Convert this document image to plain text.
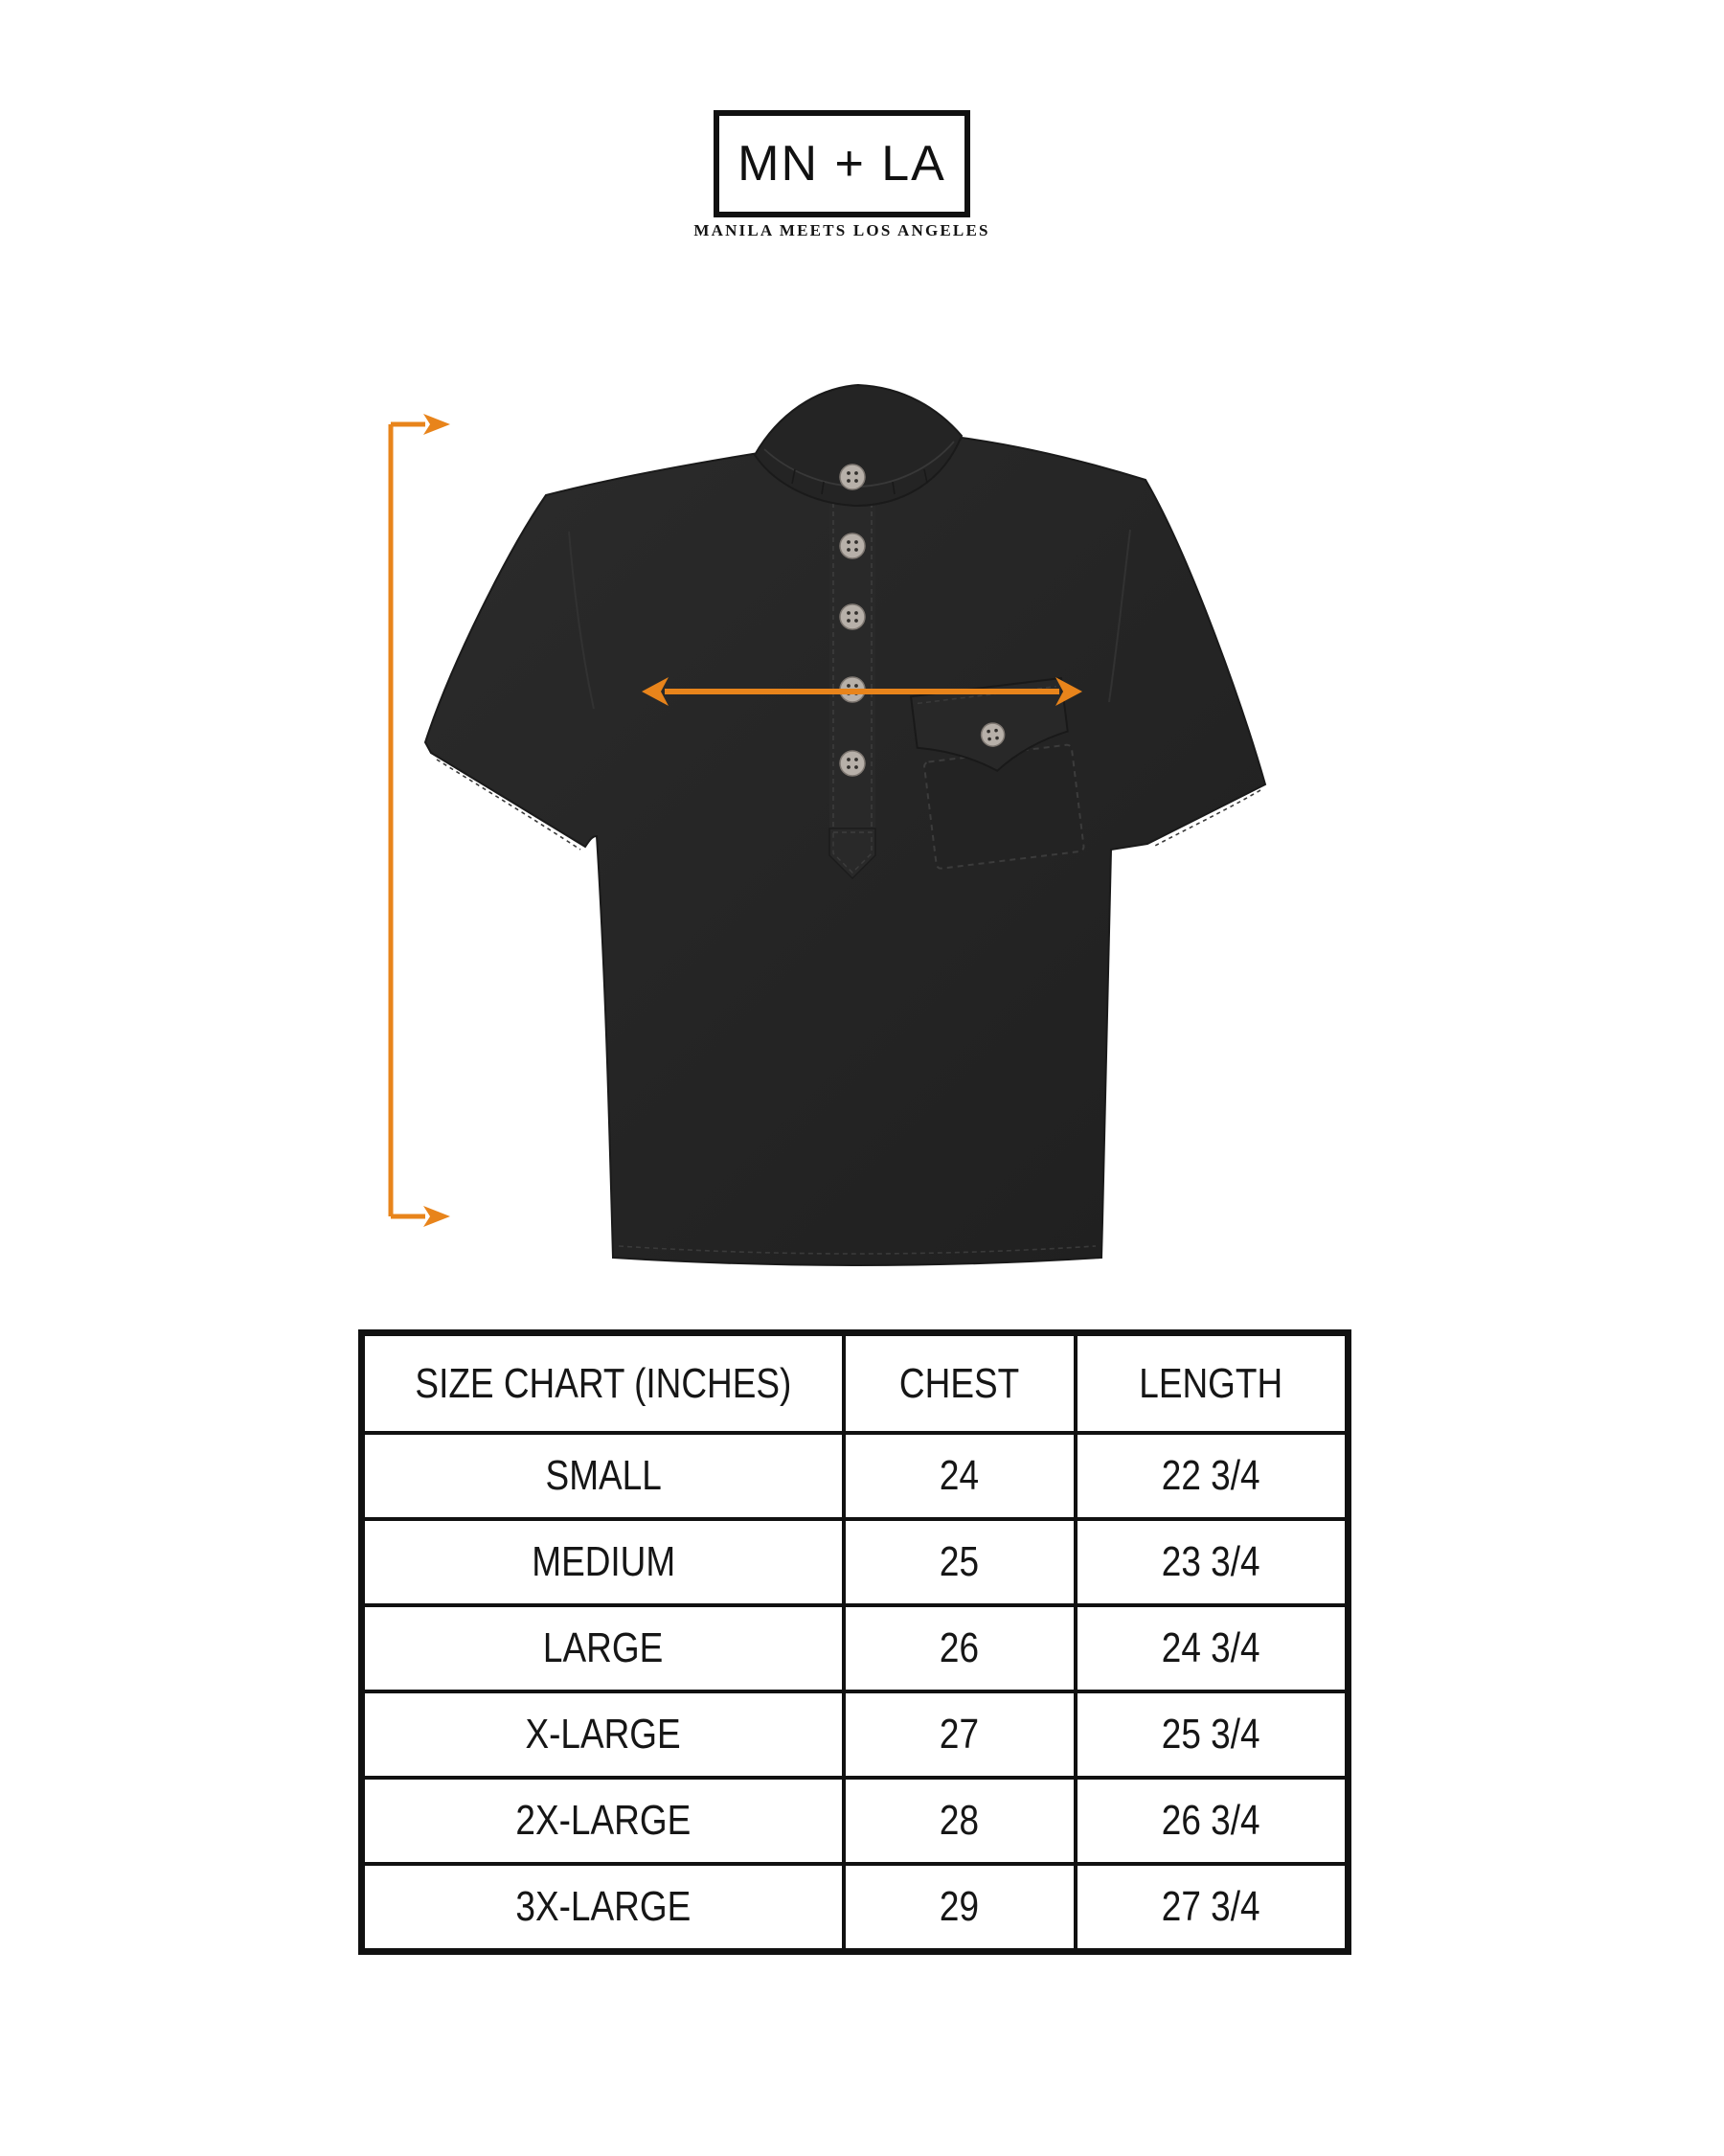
MN + LA
MANILA MEETS LOS ANGELES
SIZE CHART (INCHES)	CHEST	LENGTH
SMALL	24	22 3/4
MEDIUM	25	23 3/4
LARGE	26	24 3/4
X-LARGE	27	25 3/4
2X-LARGE	28	26 3/4
3X-LARGE	29	27 3/4
